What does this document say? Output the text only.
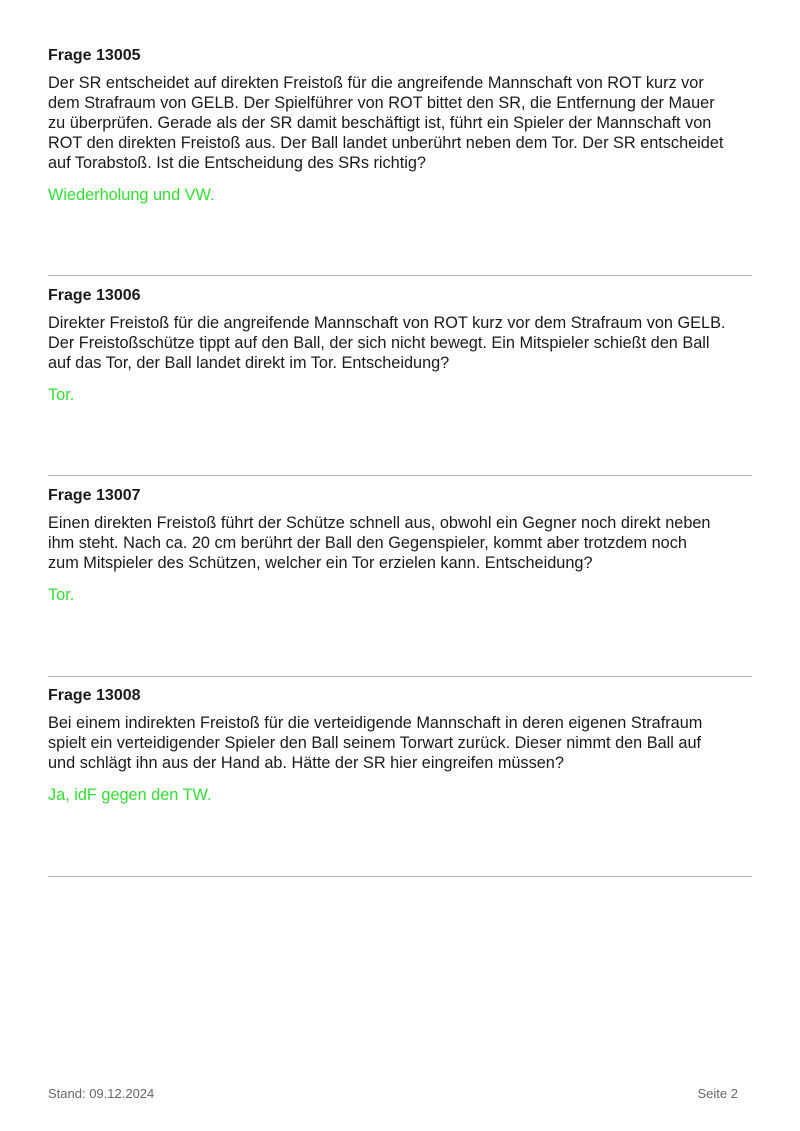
Frage 13005
Der SR entscheidet auf direkten Freistoß für die angreifende Mannschaft von ROT kurz vor
dem Strafraum von GELB. Der Spielführer von ROT bittet den SR, die Entfernung der Mauer
zu überprüfen. Gerade als der SR damit beschäftigt ist, führt ein Spieler der Mannschaft von
ROT den direkten Freistoß aus. Der Ball landet unberührt neben dem Tor. Der SR entscheidet
auf Torabstoß. Ist die Entscheidung des SRs richtig?
Wiederholung und VW.
Frage 13006
Direkter Freistoß für die angreifende Mannschaft von ROT kurz vor dem Strafraum von GELB.
Der Freistoßschütze tippt auf den Ball, der sich nicht bewegt. Ein Mitspieler schießt den Ball
auf das Tor, der Ball landet direkt im Tor. Entscheidung?
Tor.
Frage 13007
Einen direkten Freistoß führt der Schütze schnell aus, obwohl ein Gegner noch direkt neben
ihm steht. Nach ca. 20 cm berührt der Ball den Gegenspieler, kommt aber trotzdem noch
zum Mitspieler des Schützen, welcher ein Tor erzielen kann. Entscheidung?
Tor.
Frage 13008
Bei einem indirekten Freistoß für die verteidigende Mannschaft in deren eigenen Strafraum
spielt ein verteidigender Spieler den Ball seinem Torwart zurück. Dieser nimmt den Ball auf
und schlägt ihn aus der Hand ab. Hätte der SR hier eingreifen müssen?
Ja, idF gegen den TW.
Stand: 09.12.2024	Seite 2
